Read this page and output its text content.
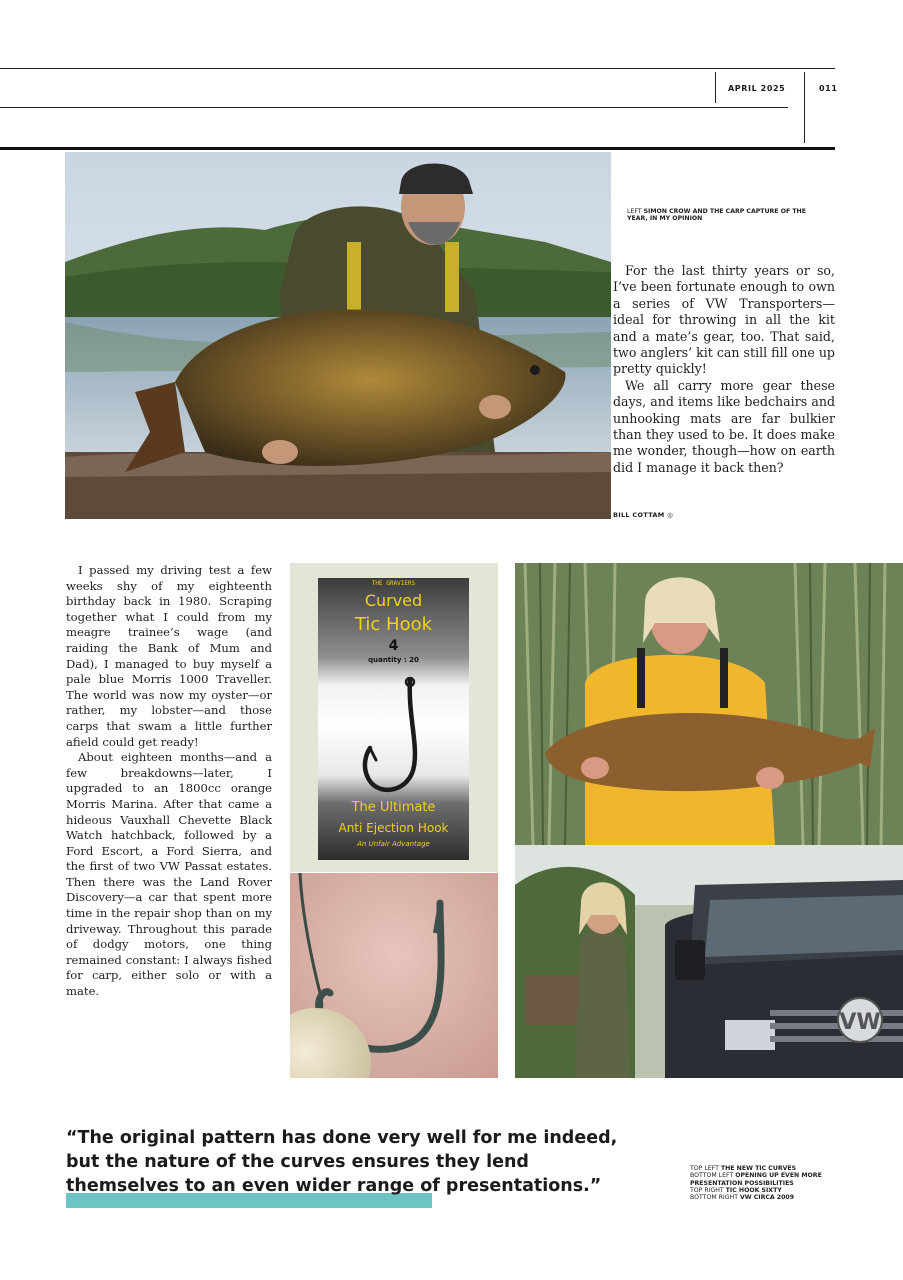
APRIL 2025	011
LEFT SIMON CROW AND THE CARP CAPTURE OF THE YEAR, IN MY OPINION

For the last thirty years or so, I’ve been fortunate enough to own a series of VW Transporters—ideal for throwing in all the kit and a mate’s gear, too. That said, two anglers’ kit can still fill one up pretty quickly!

We all carry more gear these days, and items like bedchairs and unhooking mats are far bulkier than they used to be. It does make me wonder, though—how on earth did I manage it back then?

BILL COTTAM ◎

I passed my driving test a few weeks shy of my eighteenth birthday back in 1980. Scraping together what I could from my meagre trainee’s wage (and raiding the Bank of Mum and Dad), I managed to buy myself a pale blue Morris 1000 Traveller. The world was now my oyster—or rather, my lobster—and those carps that swam a little further afield could get ready!

About eighteen months—and a few breakdowns—later, I upgraded to an 1800cc orange Morris Marina. After that came a hideous Vauxhall Chevette Black Watch hatchback, followed by a Ford Escort, a Ford Sierra, and the first of two VW Passat estates. Then there was the Land Rover Discovery—a car that spent more time in the repair shop than on my driveway. Throughout this parade of dodgy motors, one thing remained constant: I always fished for carp, either solo or with a mate.

THE GRAVIERS
Curved
Tic Hook
4
quantity : 20
The Ultimate
Anti Ejection Hook
An Unfair Advantage
VW
“The original pattern has done very well for me indeed, but the nature of the curves ensures they lend themselves to an even wider range of presentations.”
TOP LEFT THE NEW TIC CURVES
BOTTOM LEFT OPENING UP EVEN MORE PRESENTATION POSSIBILITIES
TOP RIGHT TIC HOOK SIXTY
BOTTOM RIGHT VW CIRCA 2009
